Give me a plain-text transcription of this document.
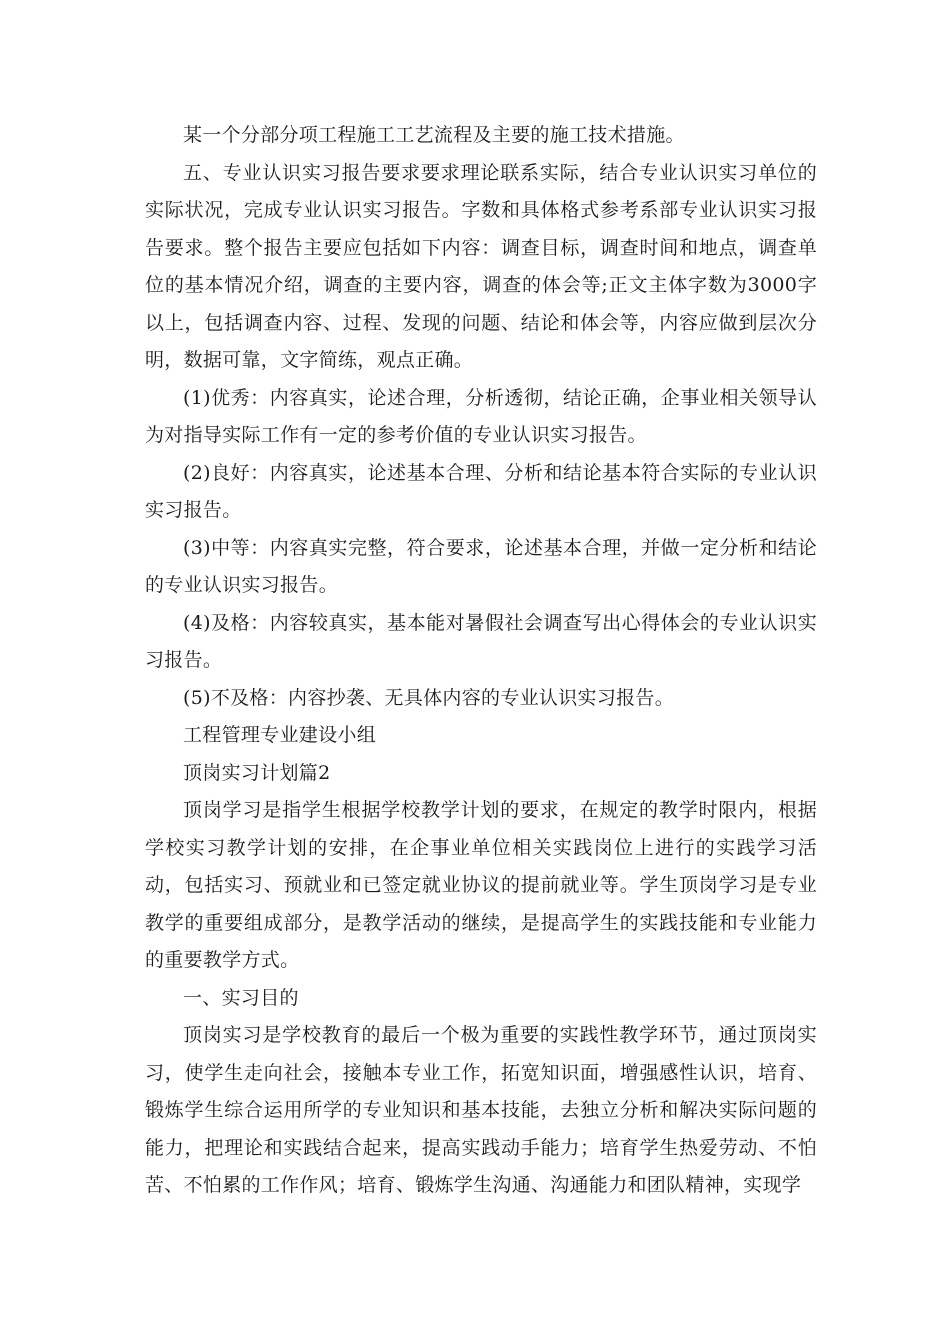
某一个分部分项工程施工工艺流程及主要的施工技术措施。

五、专业认识实习报告要求要求理论联系实际，结合专业认识实习单位的实际状况，完成专业认识实习报告。字数和具体格式参考系部专业认识实习报告要求。整个报告主要应包括如下内容：调查目标，调查时间和地点，调查单位的基本情况介绍，调查的主要内容，调查的体会等;正文主体字数为3000字以上，包括调查内容、过程、发现的问题、结论和体会等，内容应做到层次分明，数据可靠，文字简练，观点正确。

(1)优秀：内容真实，论述合理，分析透彻，结论正确，企事业相关领导认为对指导实际工作有一定的参考价值的专业认识实习报告。

(2)良好：内容真实，论述基本合理、分析和结论基本符合实际的专业认识实习报告。

(3)中等：内容真实完整，符合要求，论述基本合理，并做一定分析和结论的专业认识实习报告。

(4)及格：内容较真实，基本能对暑假社会调查写出心得体会的专业认识实习报告。

(5)不及格：内容抄袭、无具体内容的专业认识实习报告。

工程管理专业建设小组

顶岗实习计划篇2

顶岗学习是指学生根据学校教学计划的要求，在规定的教学时限内，根据学校实习教学计划的安排，在企事业单位相关实践岗位上进行的实践学习活动，包括实习、预就业和已签定就业协议的提前就业等。学生顶岗学习是专业教学的重要组成部分，是教学活动的继续，是提高学生的实践技能和专业能力的重要教学方式。

一、实习目的

顶岗实习是学校教育的最后一个极为重要的实践性教学环节，通过顶岗实习，使学生走向社会，接触本专业工作，拓宽知识面，增强感性认识，培育、锻炼学生综合运用所学的专业知识和基本技能，去独立分析和解决实际问题的能力，把理论和实践结合起来，提高实践动手能力；培育学生热爱劳动、不怕苦、不怕累的工作作风；培育、锻炼学生沟通、沟通能力和团队精神，实现学
